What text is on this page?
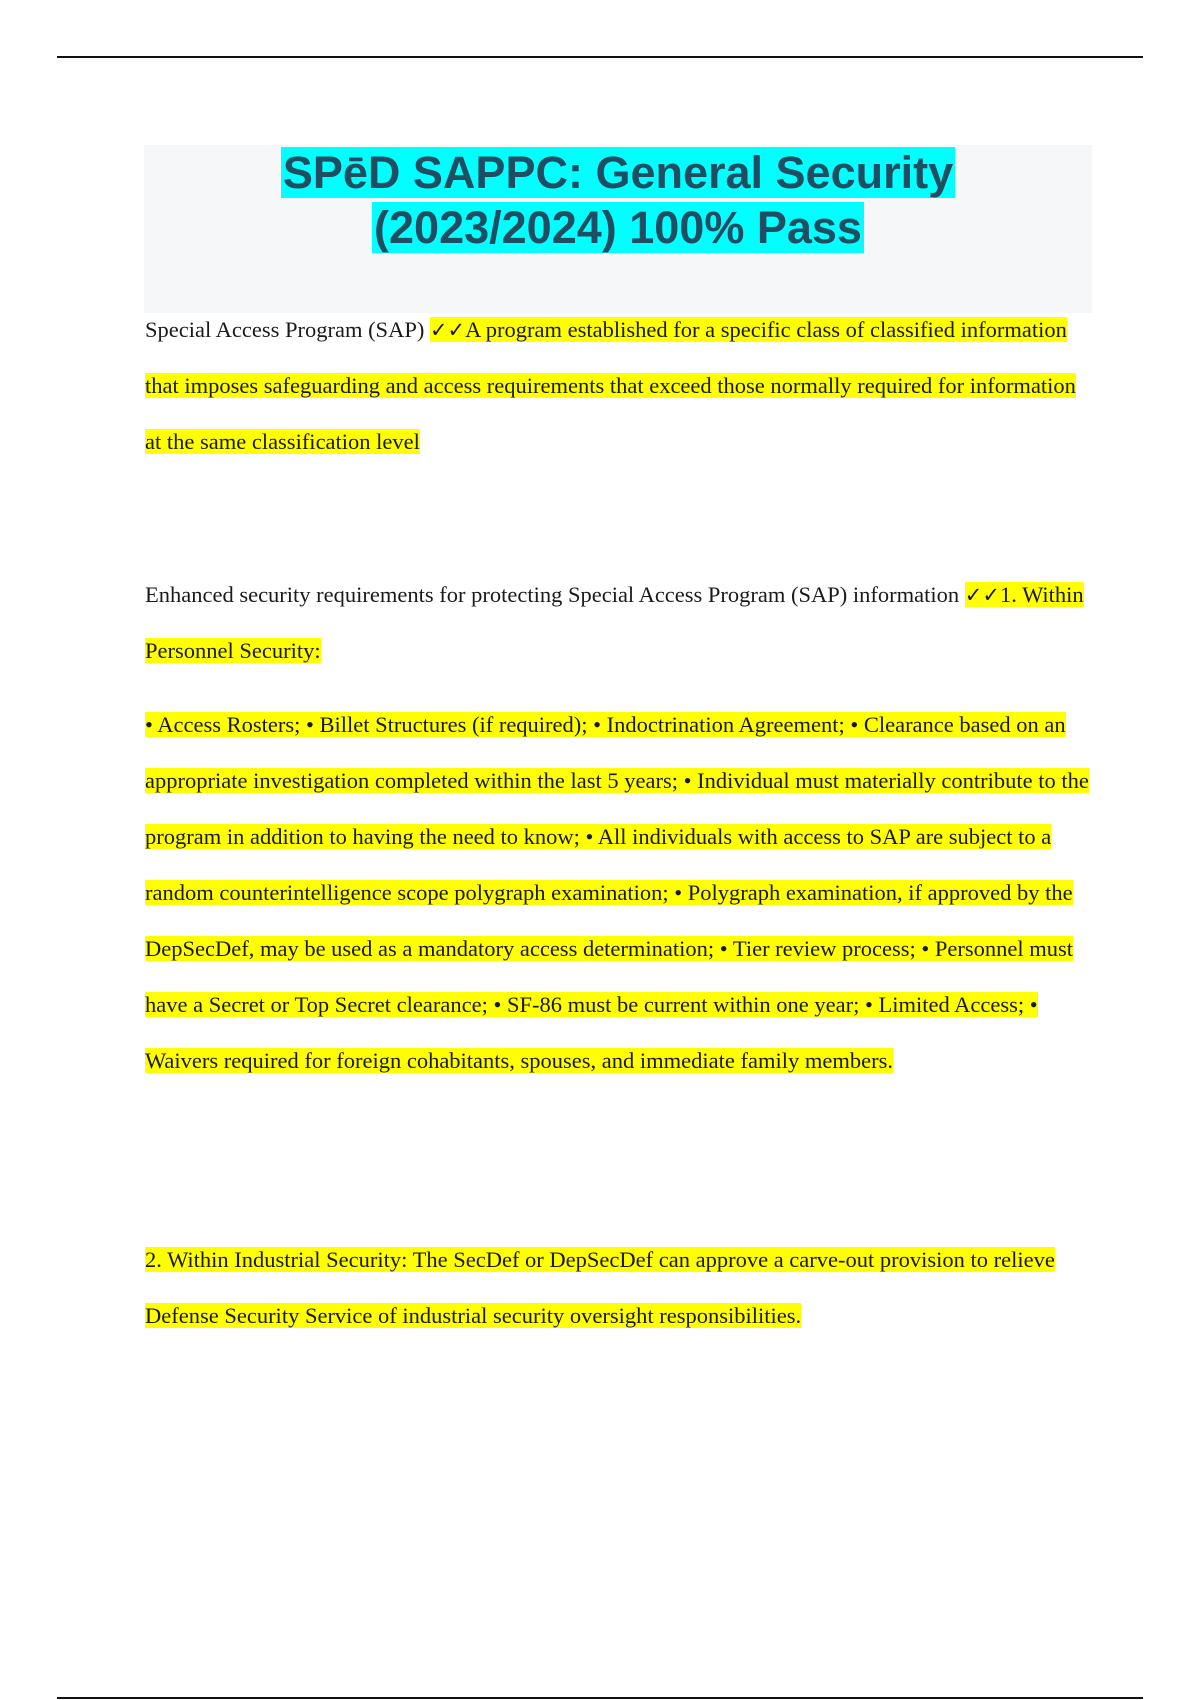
SPēD SAPPC: General Security
(2023/2024) 100% Pass

Special Access Program (SAP) ✓✓A program established for a specific class of classified information that imposes safeguarding and access requirements that exceed those normally required for information at the same classification level

Enhanced security requirements for protecting Special Access Program (SAP) information ✓✓1. Within Personnel Security:

• Access Rosters; • Billet Structures (if required); • Indoctrination Agreement; • Clearance based on an appropriate investigation completed within the last 5 years; • Individual must materially contribute to the program in addition to having the need to know; • All individuals with access to SAP are subject to a random counterintelligence scope polygraph examination; • Polygraph examination, if approved by the DepSecDef, may be used as a mandatory access determination; • Tier review process; • Personnel must have a Secret or Top Secret clearance; • SF-86 must be current within one year; • Limited Access; • Waivers required for foreign cohabitants, spouses, and immediate family members.

2. Within Industrial Security: The SecDef or DepSecDef can approve a carve-out provision to relieve Defense Security Service of industrial security oversight responsibilities.
